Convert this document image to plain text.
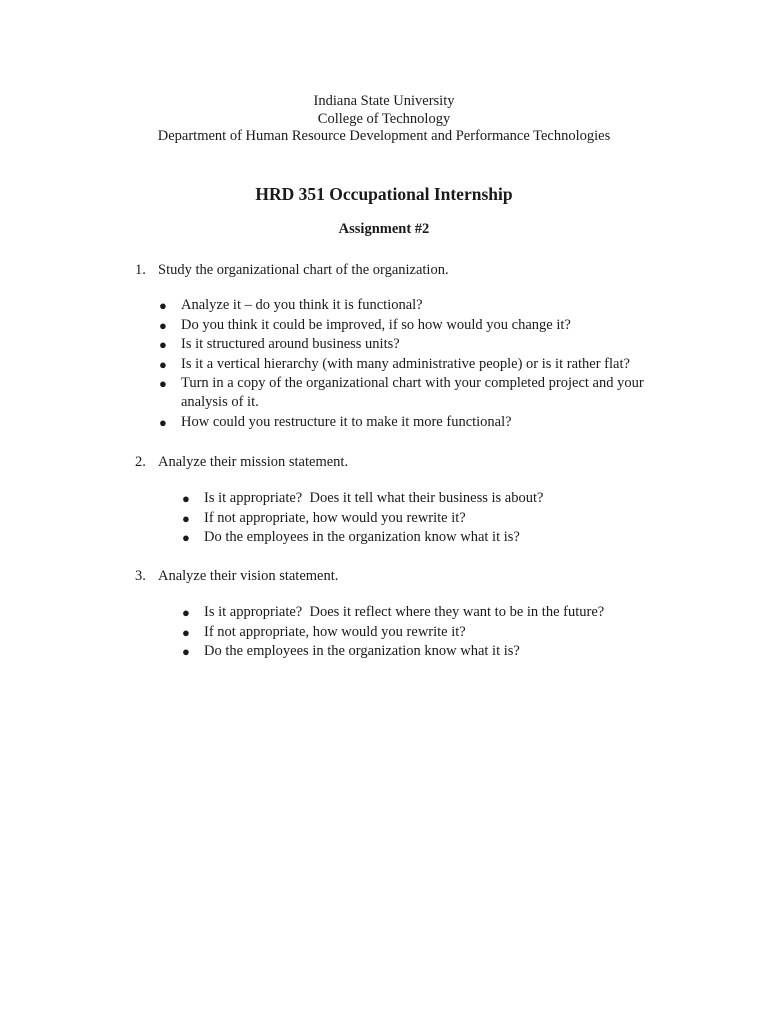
Indiana State University
College of Technology
Department of Human Resource Development and Performance Technologies
HRD 351 Occupational Internship
Assignment #2
1. Study the organizational chart of the organization.
● Analyze it – do you think it is functional?
● Do you think it could be improved, if so how would you change it?
● Is it structured around business units?
● Is it a vertical hierarchy (with many administrative people) or is it rather flat?
● Turn in a copy of the organizational chart with your completed project and your analysis of it.
● How could you restructure it to make it more functional?
2. Analyze their mission statement.
● Is it appropriate?  Does it tell what their business is about?
● If not appropriate, how would you rewrite it?
● Do the employees in the organization know what it is?
3. Analyze their vision statement.
● Is it appropriate?  Does it reflect where they want to be in the future?
● If not appropriate, how would you rewrite it?
● Do the employees in the organization know what it is?
